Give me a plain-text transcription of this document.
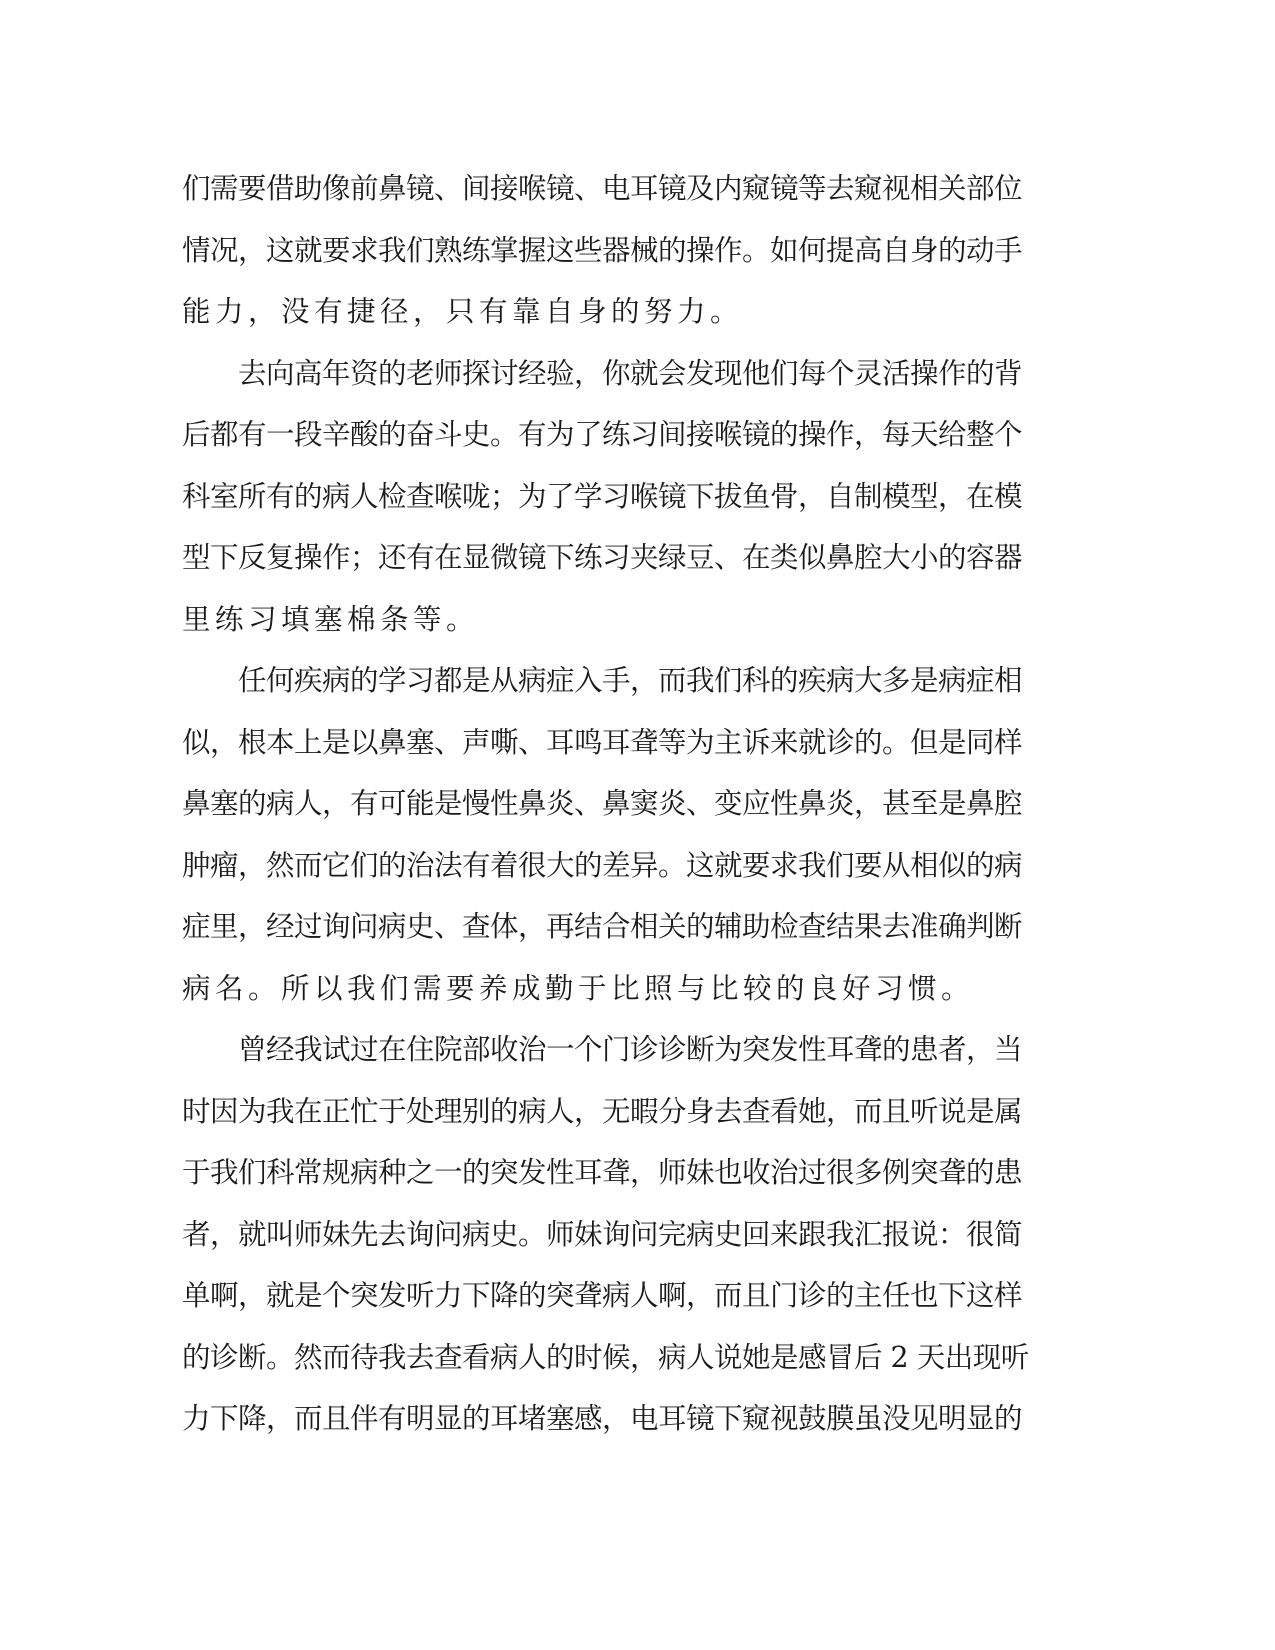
们需要借助像前鼻镜、间接喉镜、电耳镜及内窥镜等去窥视相关部位
情况，这就要求我们熟练掌握这些器械的操作。如何提高自身的动手
能力，没有捷径，只有靠自身的努力。

　　去向高年资的老师探讨经验，你就会发现他们每个灵活操作的背
后都有一段辛酸的奋斗史。有为了练习间接喉镜的操作，每天给整个
科室所有的病人检查喉咙；为了学习喉镜下拔鱼骨，自制模型，在模
型下反复操作；还有在显微镜下练习夹绿豆、在类似鼻腔大小的容器
里练习填塞棉条等。

　　任何疾病的学习都是从病症入手，而我们科的疾病大多是病症相
似，根本上是以鼻塞、声嘶、耳鸣耳聋等为主诉来就诊的。但是同样
鼻塞的病人，有可能是慢性鼻炎、鼻窦炎、变应性鼻炎，甚至是鼻腔
肿瘤，然而它们的治法有着很大的差异。这就要求我们要从相似的病
症里，经过询问病史、查体，再结合相关的辅助检查结果去准确判断
病名。所以我们需要养成勤于比照与比较的良好习惯。

　　曾经我试过在住院部收治一个门诊诊断为突发性耳聋的患者，当
时因为我在正忙于处理别的病人，无暇分身去查看她，而且听说是属
于我们科常规病种之一的突发性耳聋，师妹也收治过很多例突聋的患
者，就叫师妹先去询问病史。师妹询问完病史回来跟我汇报说：很简
单啊，就是个突发听力下降的突聋病人啊，而且门诊的主任也下这样
的诊断。然而待我去查看病人的时候，病人说她是感冒后 2 天出现听
力下降，而且伴有明显的耳堵塞感，电耳镜下窥视鼓膜虽没见明显的
